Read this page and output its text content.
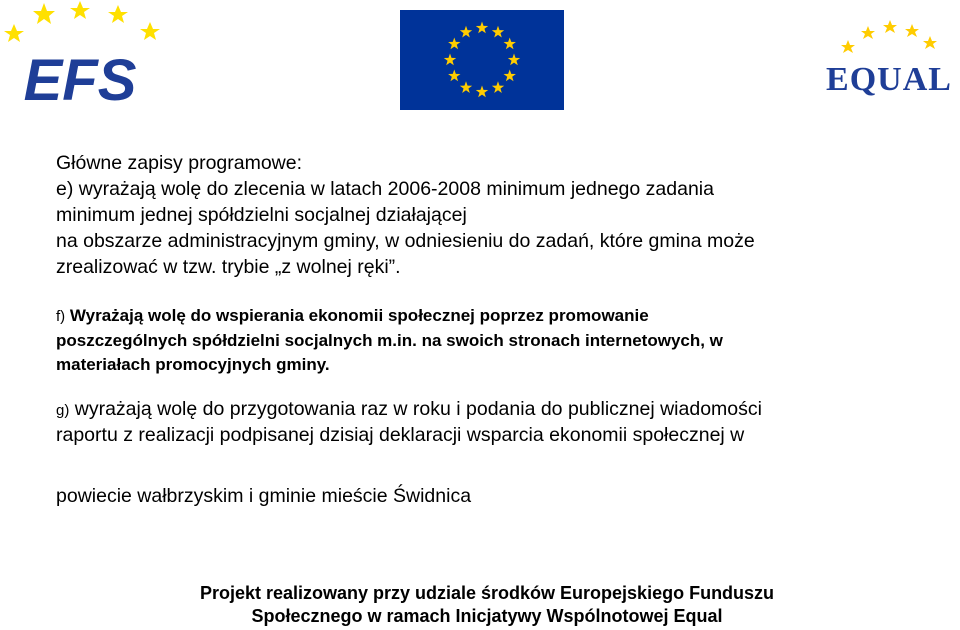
EFS	EQUAL
Główne zapisy programowe:
e) wyrażają wolę do zlecenia w latach 2006-2008 minimum jednego zadania
minimum jednej spółdzielni socjalnej działającej
na obszarze administracyjnym gminy, w odniesieniu do zadań, które gmina może
zrealizować w tzw. trybie „z wolnej ręki”.
f) Wyrażają wolę do wspierania ekonomii społecznej poprzez promowanie
poszczególnych spółdzielni socjalnych m.in. na swoich stronach internetowych, w
materiałach promocyjnych gminy.
g) wyrażają wolę do przygotowania raz w roku i podania do publicznej wiadomości
raportu z realizacji podpisanej dzisiaj deklaracji wsparcia ekonomii społecznej w
powiecie wałbrzyskim i gminie mieście Świdnica
Projekt realizowany przy udziale środków Europejskiego Funduszu
Społecznego w ramach Inicjatywy Wspólnotowej Equal
